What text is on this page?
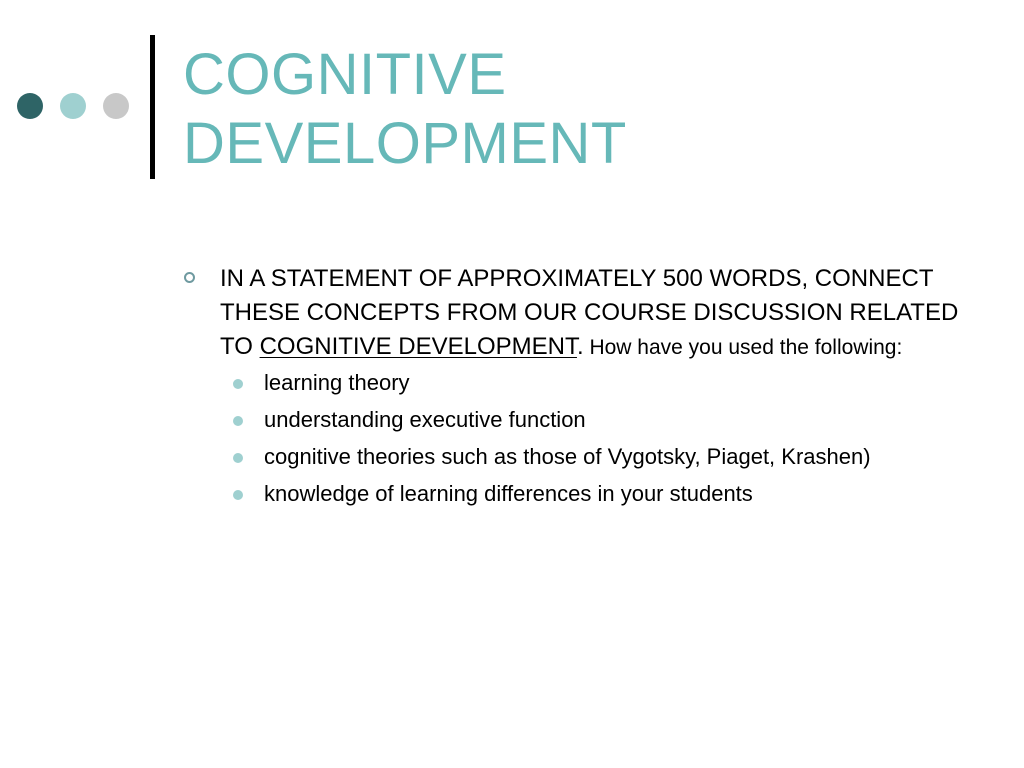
COGNITIVE
DEVELOPMENT
IN A STATEMENT OF APPROXIMATELY 500 WORDS, CONNECT THESE CONCEPTS FROM OUR COURSE DISCUSSION RELATED TO COGNITIVE DEVELOPMENT. How have you used the following:
learning theory
understanding executive function
cognitive theories such as those of Vygotsky, Piaget, Krashen)
knowledge of learning differences in your students
